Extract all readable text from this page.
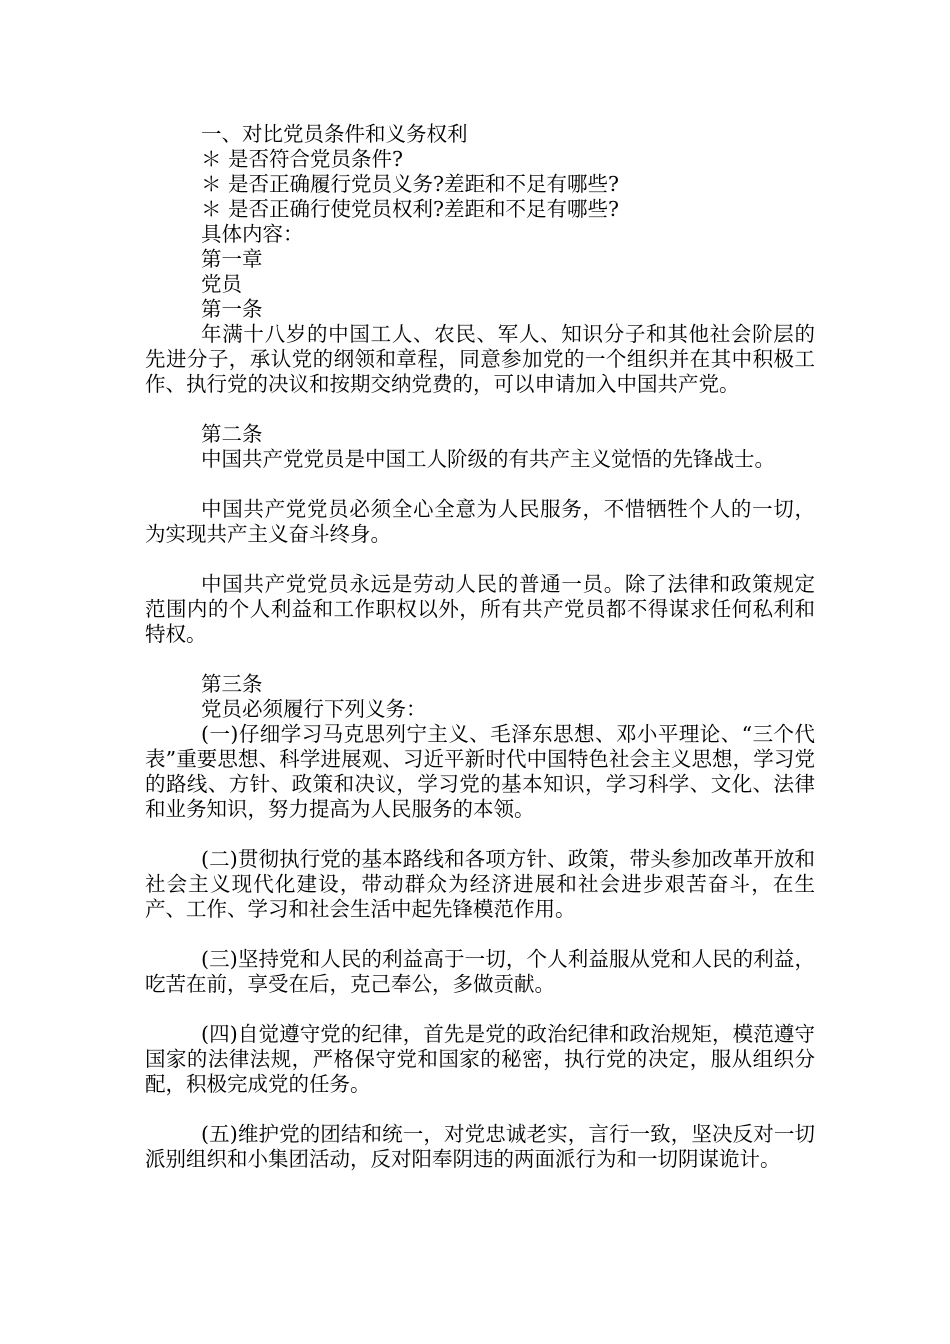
一、对比党员条件和义务权利
＊ 是否符合党员条件?
＊ 是否正确履行党员义务?差距和不足有哪些?
＊ 是否正确行使党员权利?差距和不足有哪些?
具体内容：
第一章
党员
第一条
年满十八岁的中国工人、农民、军人、知识分子和其他社会阶层的先进分子，承认党的纲领和章程，同意参加党的一个组织并在其中积极工作、执行党的决议和按期交纳党费的，可以申请加入中国共产党。
第二条
中国共产党党员是中国工人阶级的有共产主义觉悟的先锋战士。
中国共产党党员必须全心全意为人民服务，不惜牺牲个人的一切，为实现共产主义奋斗终身。
中国共产党党员永远是劳动人民的普通一员。除了法律和政策规定范围内的个人利益和工作职权以外，所有共产党员都不得谋求任何私利和特权。
第三条
党员必须履行下列义务：
(一)仔细学习马克思列宁主义、毛泽东思想、邓小平理论、“三个代表”重要思想、科学进展观、习近平新时代中国特色社会主义思想，学习党的路线、方针、政策和决议，学习党的基本知识，学习科学、文化、法律和业务知识，努力提高为人民服务的本领。
(二)贯彻执行党的基本路线和各项方针、政策，带头参加改革开放和社会主义现代化建设，带动群众为经济进展和社会进步艰苦奋斗，在生产、工作、学习和社会生活中起先锋模范作用。
(三)坚持党和人民的利益高于一切，个人利益服从党和人民的利益，吃苦在前，享受在后，克己奉公，多做贡献。
(四)自觉遵守党的纪律，首先是党的政治纪律和政治规矩，模范遵守国家的法律法规，严格保守党和国家的秘密，执行党的决定，服从组织分配，积极完成党的任务。
(五)维护党的团结和统一，对党忠诚老实，言行一致，坚决反对一切派别组织和小集团活动，反对阳奉阴违的两面派行为和一切阴谋诡计。
